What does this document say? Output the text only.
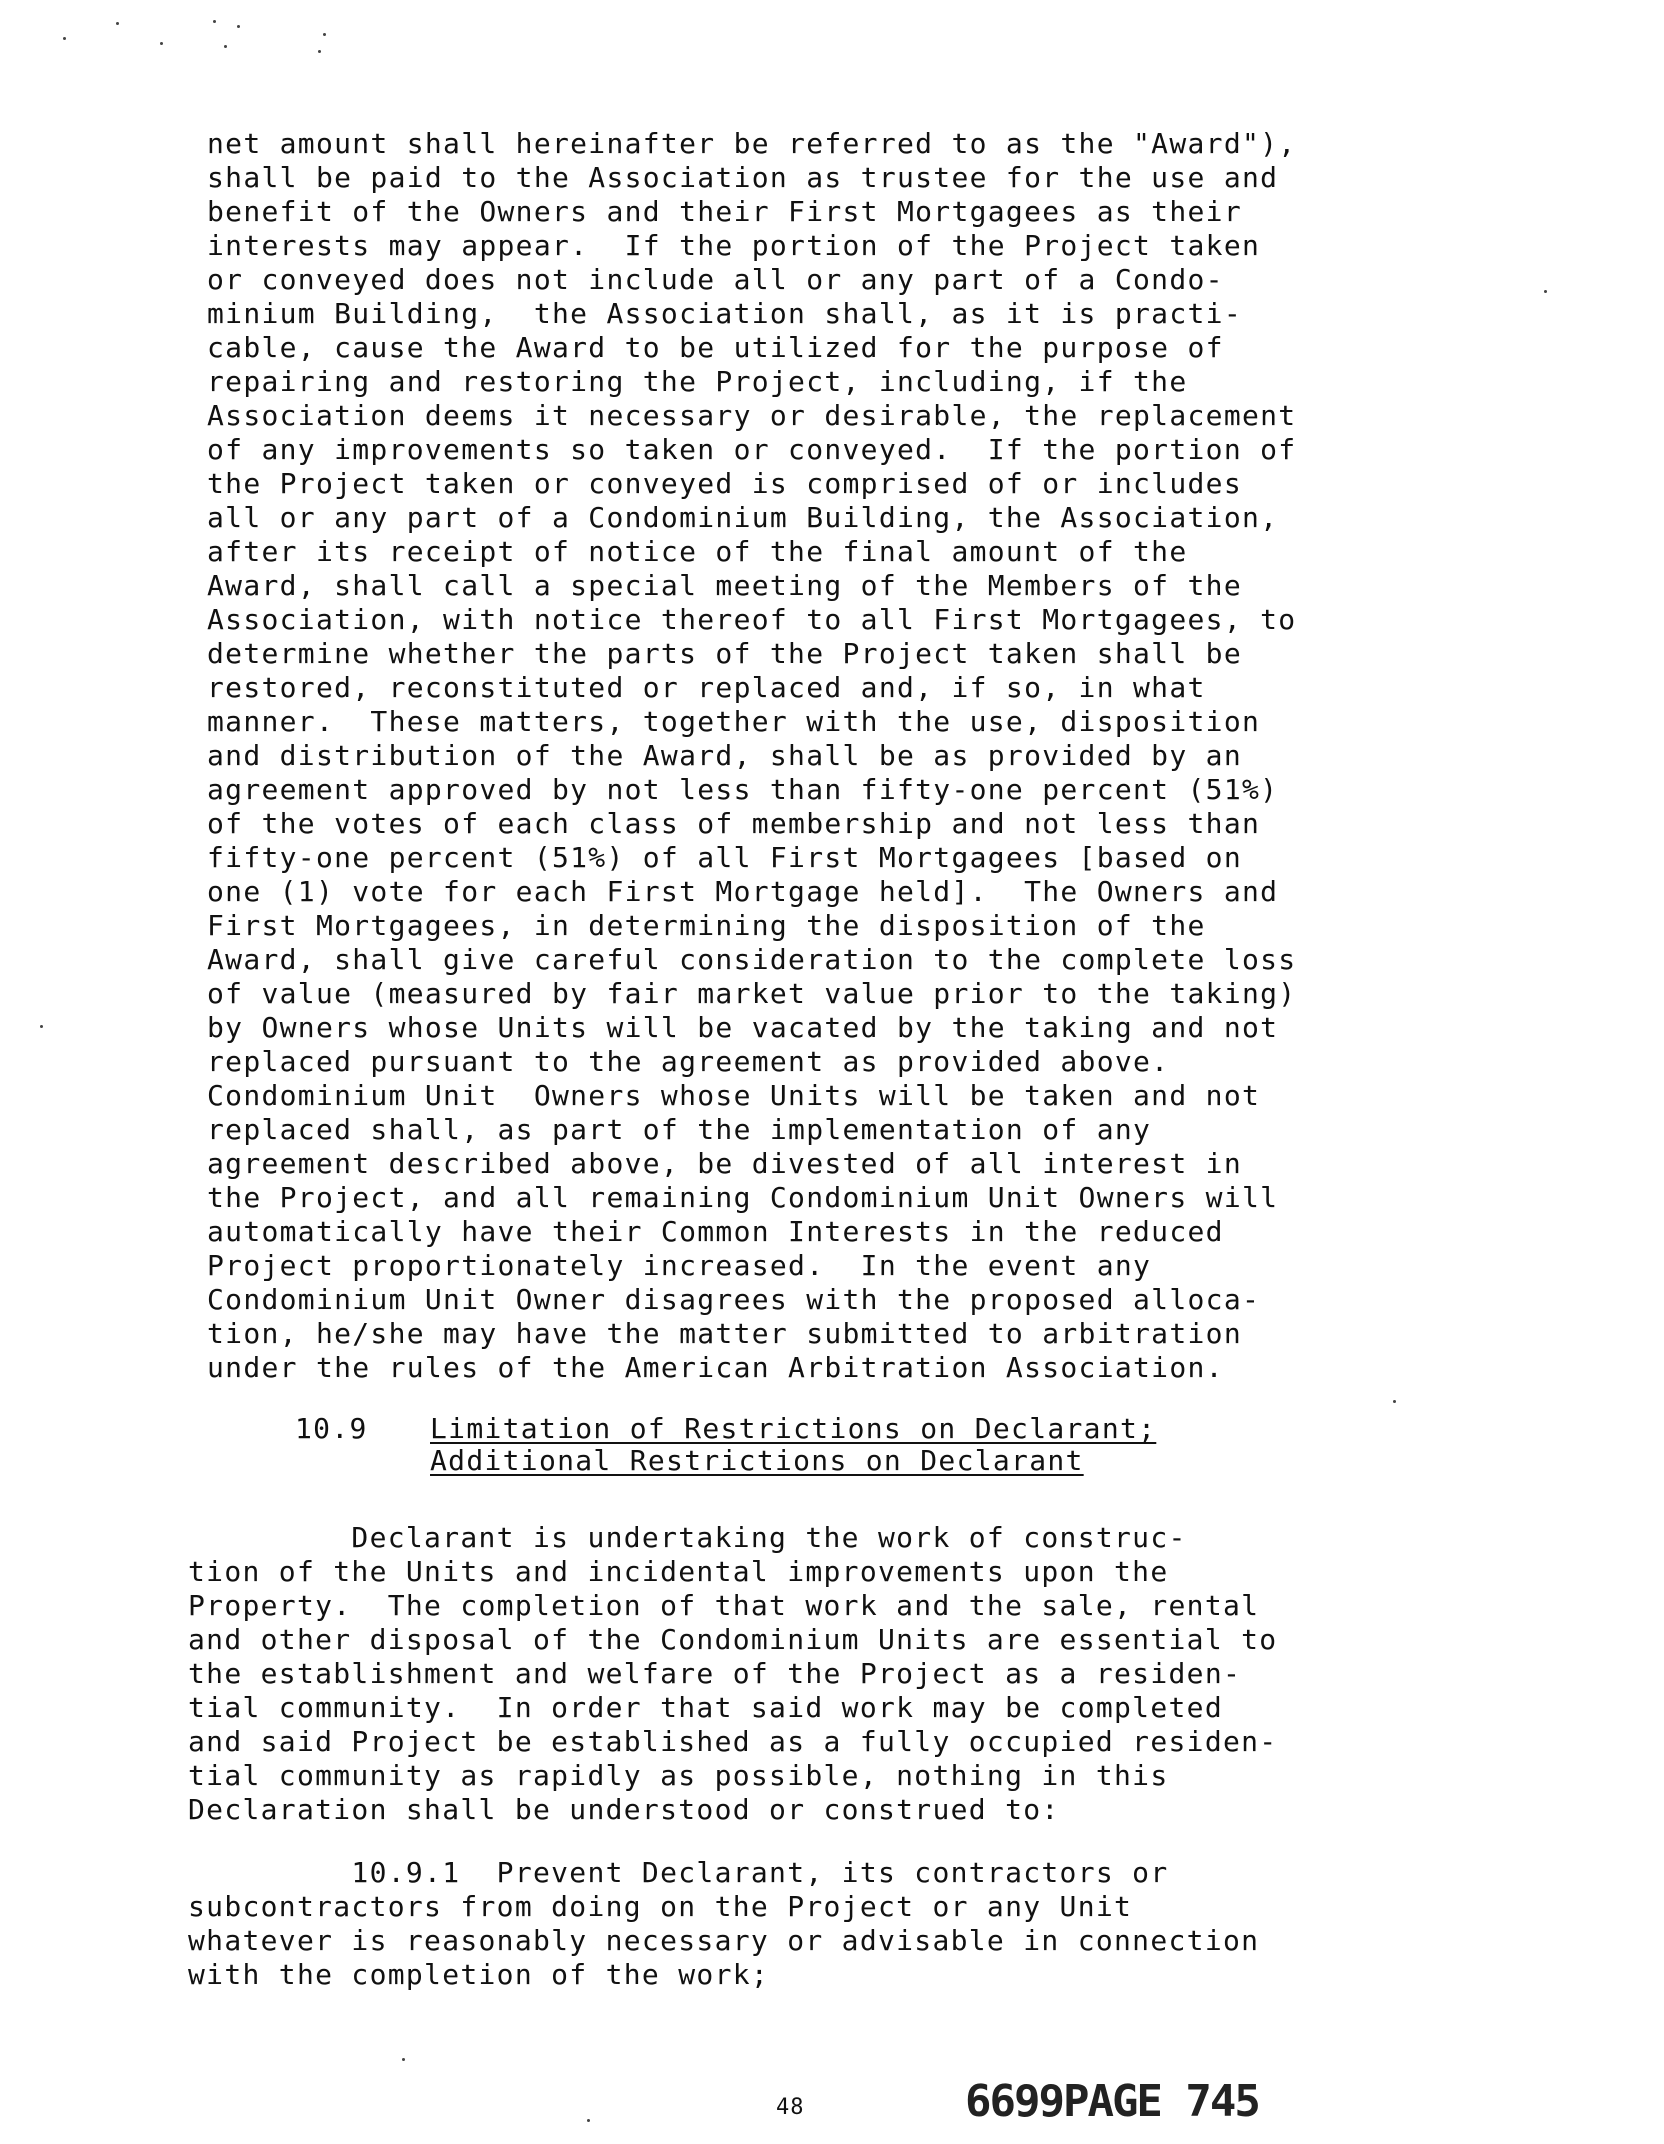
net amount shall hereinafter be referred to as the "Award"),
shall be paid to the Association as trustee for the use and
benefit of the Owners and their First Mortgagees as their
interests may appear.  If the portion of the Project taken
or conveyed does not include all or any part of a Condo-
minium Building,  the Association shall, as it is practi-
cable, cause the Award to be utilized for the purpose of
repairing and restoring the Project, including, if the
Association deems it necessary or desirable, the replacement
of any improvements so taken or conveyed.  If the portion of
the Project taken or conveyed is comprised of or includes
all or any part of a Condominium Building, the Association,
after its receipt of notice of the final amount of the
Award, shall call a special meeting of the Members of the
Association, with notice thereof to all First Mortgagees, to
determine whether the parts of the Project taken shall be
restored, reconstituted or replaced and, if so, in what
manner.  These matters, together with the use, disposition
and distribution of the Award, shall be as provided by an
agreement approved by not less than fifty-one percent (51%)
of the votes of each class of membership and not less than
fifty-one percent (51%) of all First Mortgagees [based on
one (1) vote for each First Mortgage held].  The Owners and
First Mortgagees, in determining the disposition of the
Award, shall give careful consideration to the complete loss
of value (measured by fair market value prior to the taking)
by Owners whose Units will be vacated by the taking and not
replaced pursuant to the agreement as provided above.
Condominium Unit  Owners whose Units will be taken and not
replaced shall, as part of the implementation of any
agreement described above, be divested of all interest in
the Project, and all remaining Condominium Unit Owners will
automatically have their Common Interests in the reduced
Project proportionately increased.  In the event any
Condominium Unit Owner disagrees with the proposed alloca-
tion, he/she may have the matter submitted to arbitration
under the rules of the American Arbitration Association.

10.9

Limitation of Restrictions on Declarant;

Additional Restrictions on Declarant

Declarant is undertaking the work of construc-
tion of the Units and incidental improvements upon the
Property.  The completion of that work and the sale, rental
and other disposal of the Condominium Units are essential to
the establishment and welfare of the Project as a residen-
tial community.  In order that said work may be completed
and said Project be established as a fully occupied residen-
tial community as rapidly as possible, nothing in this
Declaration shall be understood or construed to:
10.9.1  Prevent Declarant, its contractors or
subcontractors from doing on the Project or any Unit
whatever is reasonably necessary or advisable in connection
with the completion of the work;
48	6699PAGE 745
